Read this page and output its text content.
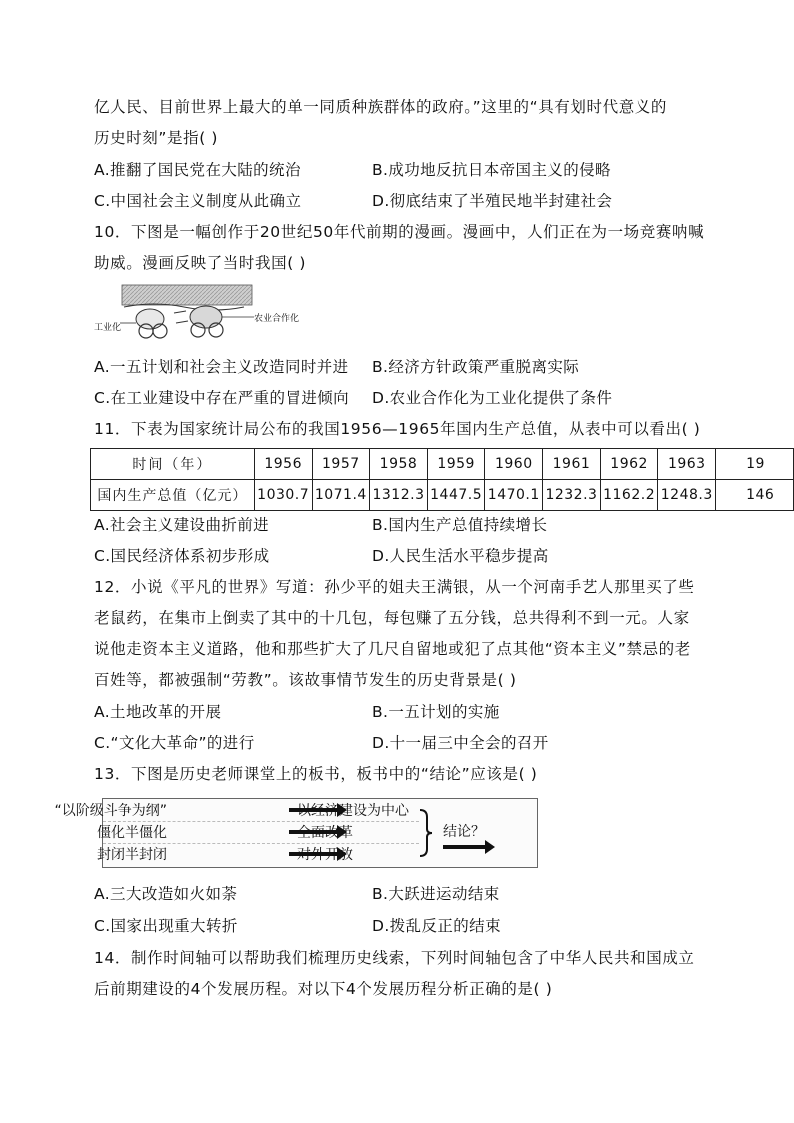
亿人民、目前世界上最大的单一同质种族群体的政府。”这里的“具有划时代意义的
历史时刻”是指( )
A.推翻了国民党在大陆的统治	B.成功地反抗日本帝国主义的侵略
C.中国社会主义制度从此确立	D.彻底结束了半殖民地半封建社会
10．下图是一幅创作于20世纪50年代前期的漫画。漫画中，人们正在为一场竞赛呐喊
助威。漫画反映了当时我国( )
工业化
农业合作化
A.一五计划和社会主义改造同时并进 B.经济方针政策严重脱离实际
C.在工业建设中存在严重的冒进倾向 D.农业合作化为工业化提供了条件
11．下表为国家统计局公布的我国1956—1965年国内生产总值，从表中可以看出( )
时间（年）	1956	1957	1958	1959	1960	1961	1962	1963	19
国内生产总值（亿元）	1030.7	1071.4	1312.3	1447.5	1470.1	1232.3	1162.2	1248.3	146
A.社会主义建设曲折前进	B.国内生产总值持续增长
C.国民经济体系初步形成	D.人民生活水平稳步提高
12．小说《平凡的世界》写道：孙少平的姐夫王满银，从一个河南手艺人那里买了些
老鼠药，在集市上倒卖了其中的十几包，每包赚了五分钱，总共得利不到一元。人家
说他走资本主义道路，他和那些扩大了几尺自留地或犯了点其他“资本主义”禁忌的老
百姓等，都被强制“劳教”。该故事情节发生的历史背景是( )
A.土地改革的开展	B.一五计划的实施
C.“文化大革命”的进行	D.十一届三中全会的召开
13．下图是历史老师课堂上的板书，板书中的“结论”应该是( )
“以阶级斗争为纲”	以经济建设为中心
僵化半僵化	全面改革
封闭半封闭	对外开放
结论？
A.三大改造如火如荼	B.大跃进运动结束
C.国家出现重大转折	D.拨乱反正的结束
14．制作时间轴可以帮助我们梳理历史线索，下列时间轴包含了中华人民共和国成立
后前期建设的4个发展历程。对以下4个发展历程分析正确的是( )
